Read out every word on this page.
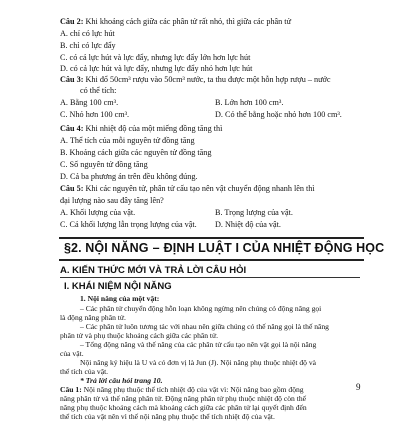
Câu 2: Khi khoảng cách giữa các phân tử rất nhỏ, thì giữa các phân tử
A. chỉ có lực hút
B. chỉ có lực đẩy
C. có cả lực hút và lực đẩy, nhưng lực đẩy lớn hơn lực hút
D. có cả lực hút và lực đẩy, nhưng lực đẩy nhỏ hơn lực hút
Câu 3: Khi đổ 50cm³ rượu vào 50cm³ nước, ta thu được một hỗn hợp rượu – nước
có thể tích:
A. Bằng 100 cm³.	B. Lớn hơn 100 cm³.
C. Nhỏ hơn 100 cm³.	D. Có thể bằng hoặc nhỏ hơn 100 cm³.
Câu 4: Khi nhiệt độ của một miếng đồng tăng thì
A. Thể tích của mỗi nguyên tử đồng tăng
B. Khoảng cách giữa các nguyên tử đồng tăng
C. Số nguyên tử đồng tăng
D. Cả ba phương án trên đều không đúng.
Câu 5: Khi các nguyên tử, phân tử cấu tạo nên vật chuyển động nhanh lên thì
đại lượng nào sau đây tăng lên?
A. Khối lượng của vật.	B. Trọng lượng của vật.
C. Cả khối lượng lẫn trọng lượng của vật. D. Nhiệt độ của vật.
§2. NỘI NĂNG – ĐỊNH LUẬT I CỦA NHIỆT ĐỘNG HỌC
A. KIẾN THỨC MỚI VÀ TRẢ LỜI CÂU HỎI
I. KHÁI NIỆM NỘI NĂNG
1. Nội năng của một vật:
– Các phân tử chuyển động hỗn loạn không ngừng nên chúng có động năng gọi
là động năng phân tử.
– Các phân tử luôn tương tác với nhau nên giữa chúng có thế năng gọi là thế năng
phân tử và phụ thuộc khoảng cách giữa các phân tử.
– Tổng động năng và thế năng của các phân tử cấu tạo nên vật gọi là nội năng
của vật.
Nội năng ký hiệu là U và có đơn vị là Jun (J). Nội năng phụ thuộc nhiệt độ và
thể tích của vật.
* Trả lời câu hỏi trang 10.
9
Câu 1: Nội năng phụ thuộc thể tích nhiệt độ của vật vì: Nội năng bao gồm động
năng phân tử và thế năng phân tử. Động năng phân tử phụ thuộc nhiệt độ còn thế
năng phụ thuộc khoảng cách mà khoảng cách giữa các phân tử lại quyết định đến
thể tích của vật nên vì thế nội năng phụ thuộc thể tích nhiệt độ của vật.
